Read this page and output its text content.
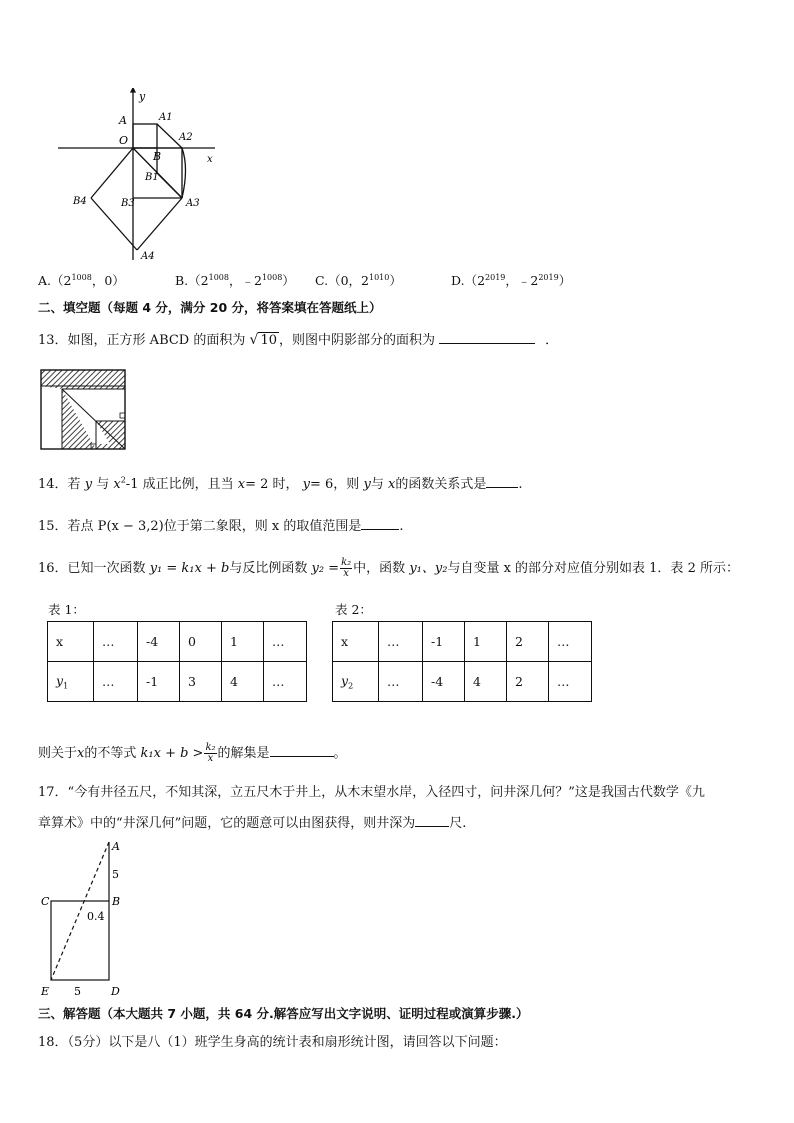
y
x
A	A1
O	A2
B
B1
B4	B3	A3
A4
$A.(2^{1008}$，0）	$B.(2^{1008}$，$﹣2^{1008}$） C.（0，$2^{1010}$）	$D.(2^{2019}$，$﹣2^{2019}$）
二、填空题（每题 4 分，满分 20 分，将答案填在答题纸上）
13．如图，正方形 ABCD 的面积为 √ 10 ，则图中阴影部分的面积为	．
14．若 y 与 $x^2-1$ 成正比例，且当 x= 2 时， y= 6，则 y与 x的函数关系式是 .
15．若点 P(x − 3,2)位于第二象限，则 x 的取值范围是	.
16．已知一次函数 y₁ = k₁x + b与反比例函数 $y_2 = \frac{\text{k₂}}{x}$ 中，函数 y₁、y₂与自变量 x 的部分对应值分别如表 1．表 2 所示：
表 1：	表 2：
x	…	-4	0	1	…
$y_1$	…	-1	3	4	…
x	…	-1	1	2	…
$y_2$	…	-4	4	2	…
则关于x的不等式 $k_1x + b > \frac{\text{k₂}}{x}$ 的解集是	。
17．“今有井径五尺，不知其深，立五尺木于井上，从木末望水岸，入径四寸，问井深几何？”这是我国古代数学《九
章算术》中的“井深几何”问题，它的题意可以由图获得，则井深为	尺.
A
5
B
C
0.4
E 5	D
三、解答题（本大题共 7 小题，共 64 分.解答应写出文字说明、证明过程或演算步骤.）
18．（5分）以下是八（1）班学生身高的统计表和扇形统计图，请回答以下问题：
